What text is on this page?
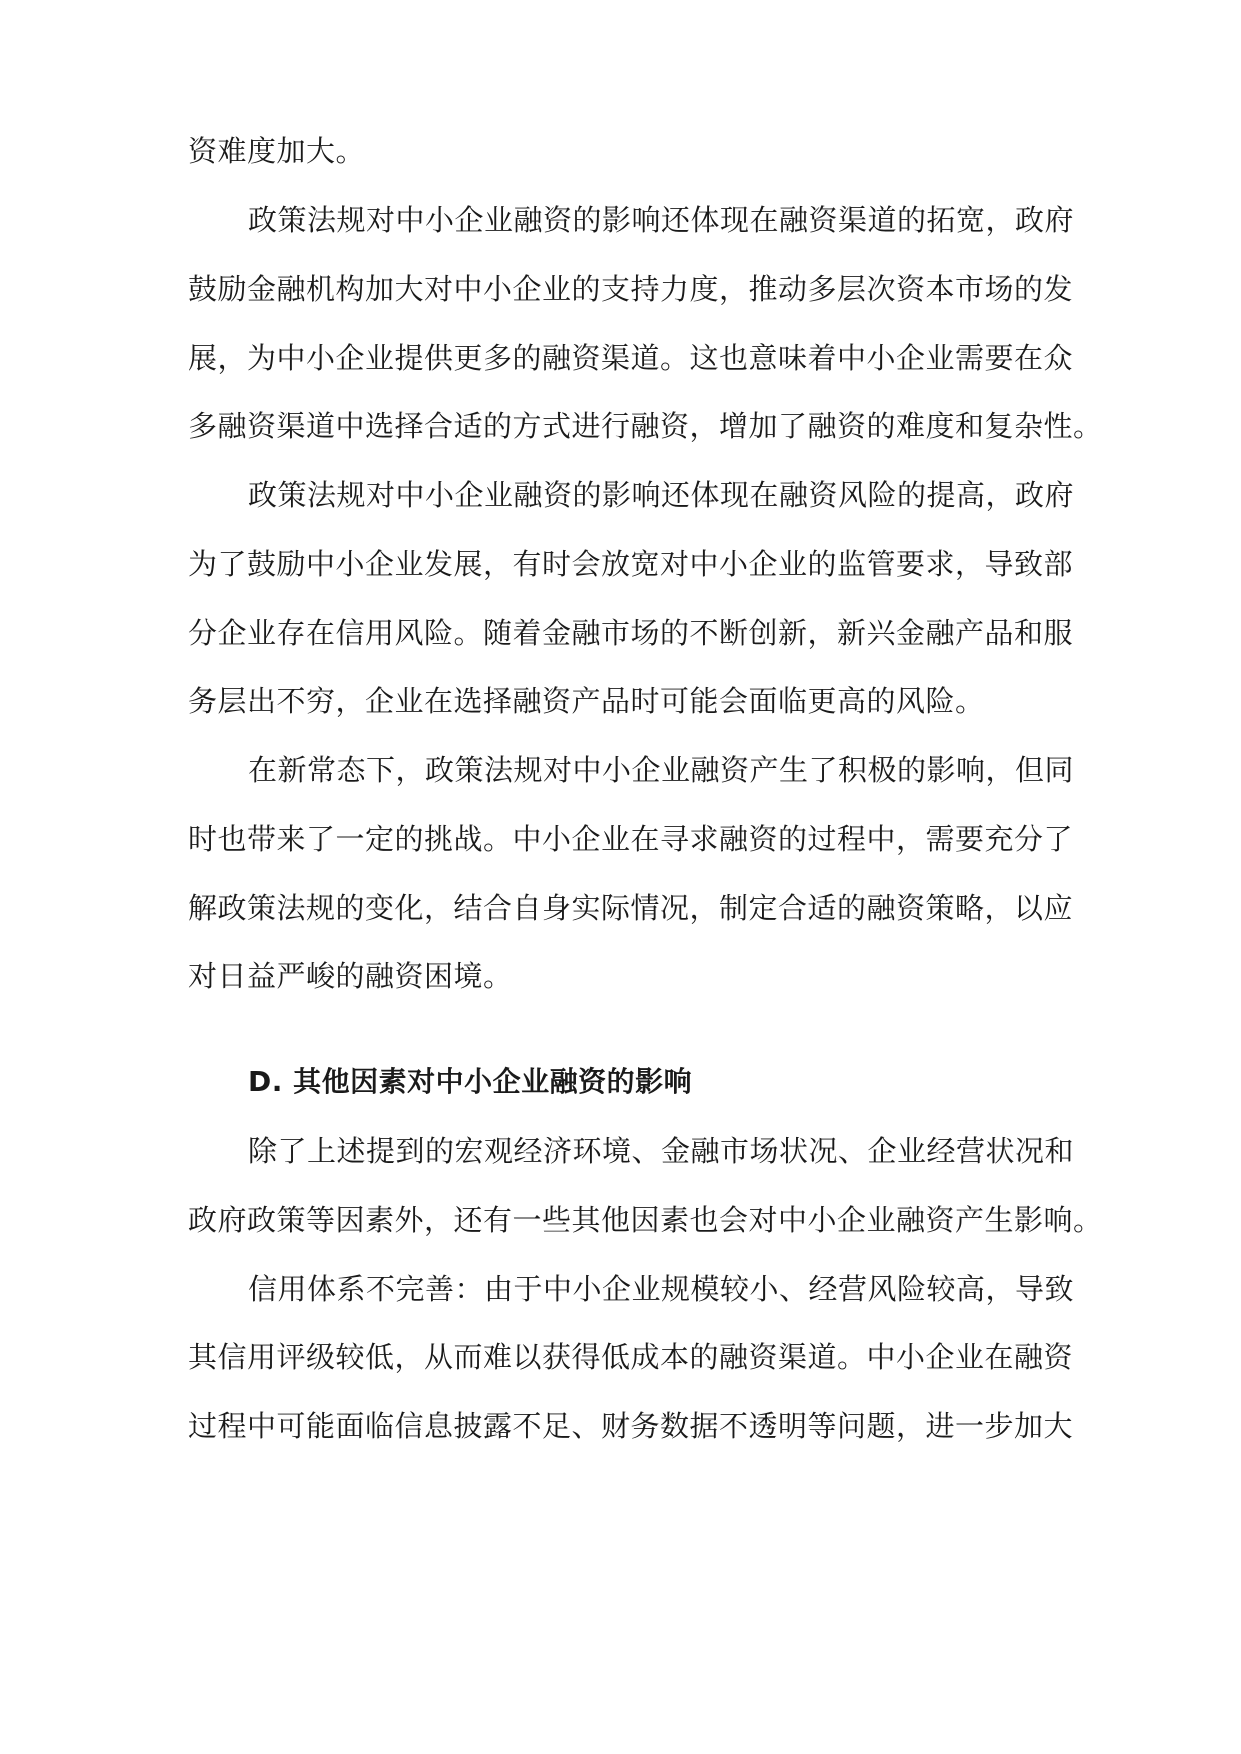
资难度加大。
政策法规对中小企业融资的影响还体现在融资渠道的拓宽，政府
鼓励金融机构加大对中小企业的支持力度，推动多层次资本市场的发
展，为中小企业提供更多的融资渠道。这也意味着中小企业需要在众
多融资渠道中选择合适的方式进行融资，增加了融资的难度和复杂性。
政策法规对中小企业融资的影响还体现在融资风险的提高，政府
为了鼓励中小企业发展，有时会放宽对中小企业的监管要求，导致部
分企业存在信用风险。随着金融市场的不断创新，新兴金融产品和服
务层出不穷，企业在选择融资产品时可能会面临更高的风险。
在新常态下，政策法规对中小企业融资产生了积极的影响，但同
时也带来了一定的挑战。中小企业在寻求融资的过程中，需要充分了
解政策法规的变化，结合自身实际情况，制定合适的融资策略，以应
对日益严峻的融资困境。
D. 其他因素对中小企业融资的影响
除了上述提到的宏观经济环境、金融市场状况、企业经营状况和
政府政策等因素外，还有一些其他因素也会对中小企业融资产生影响。
信用体系不完善：由于中小企业规模较小、经营风险较高，导致
其信用评级较低，从而难以获得低成本的融资渠道。中小企业在融资
过程中可能面临信息披露不足、财务数据不透明等问题，进一步加大
